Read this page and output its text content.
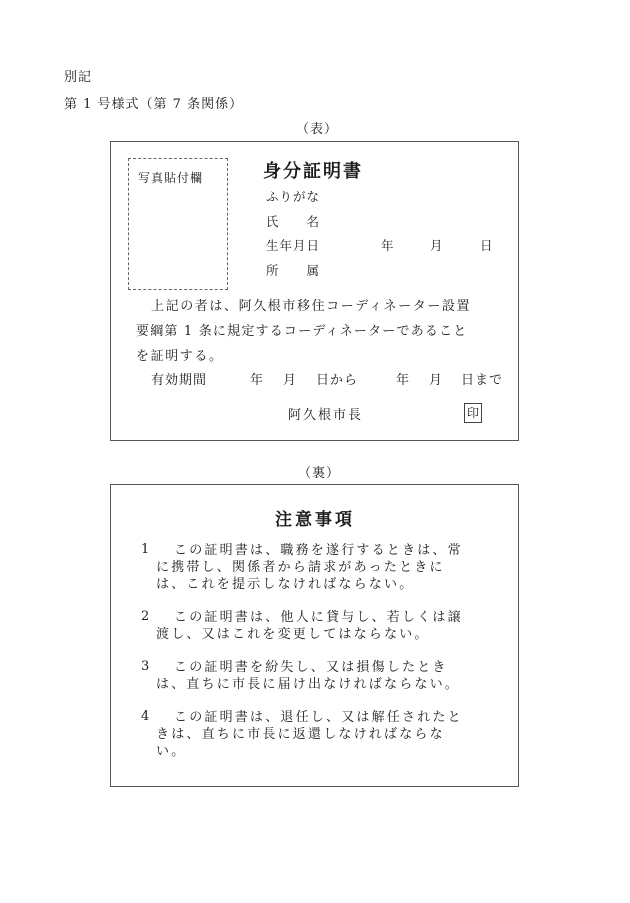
別記
第 1 号様式（第 7 条関係）
（表）
写真貼付欄	身分証明書
ふりがな
氏　　名
生年月日	年	月	日
所　　属
上記の者は、阿久根市移住コーディネーター設置
要綱第 1 条に規定するコーディネーターであること
を証明する。
有効期間	年 月 日から	年 月 日まで
阿久根市長	印
（裏）
注意事項
1 この証明書は、職務を遂行するときは、常
に携帯し、関係者から請求があったときに
は、これを提示しなければならない。
2 この証明書は、他人に貸与し、若しくは譲
渡し、又はこれを変更してはならない。
3 この証明書を紛失し、又は損傷したとき
は、直ちに市長に届け出なければならない。
4 この証明書は、退任し、又は解任されたと
きは、直ちに市長に返還しなければならな
い。
